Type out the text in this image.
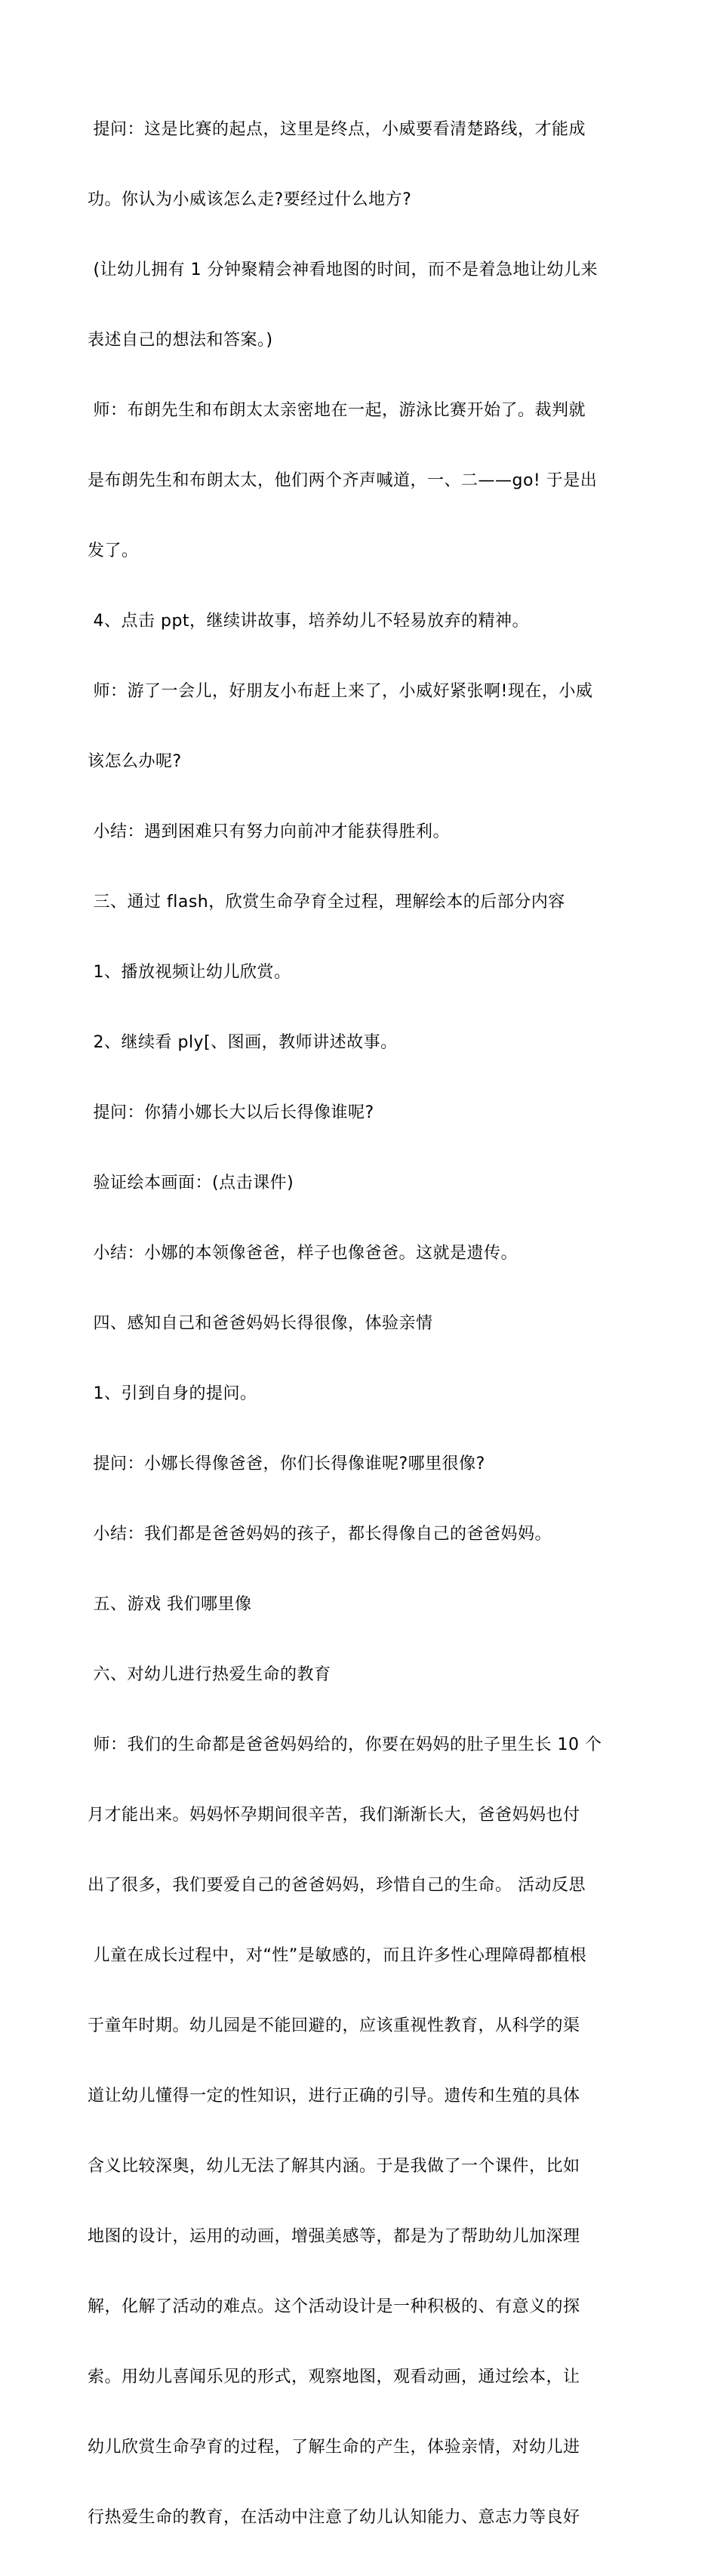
提问：这是比赛的起点，这里是终点，小威要看清楚路线，才能成

功。你认为小威该怎么走?要经过什么地方?

(让幼儿拥有 1 分钟聚精会神看地图的时间，而不是着急地让幼儿来

表述自己的想法和答案。)

师：布朗先生和布朗太太亲密地在一起，游泳比赛开始了。裁判就

是布朗先生和布朗太太，他们两个齐声喊道，一、二——go! 于是出

发了。

4、点击 ppt，继续讲故事，培养幼儿不轻易放弃的精神。

师：游了一会儿，好朋友小布赶上来了，小威好紧张啊!现在，小威

该怎么办呢?

小结：遇到困难只有努力向前冲才能获得胜利。

三、通过 flash，欣赏生命孕育全过程，理解绘本的后部分内容

1、播放视频让幼儿欣赏。

2、继续看 ply[、图画，教师讲述故事。

提问：你猜小娜长大以后长得像谁呢?

验证绘本画面：(点击课件)

小结：小娜的本领像爸爸，样子也像爸爸。这就是遗传。

四、感知自己和爸爸妈妈长得很像，体验亲情

1、引到自身的提问。

提问：小娜长得像爸爸，你们长得像谁呢?哪里很像?

小结：我们都是爸爸妈妈的孩子，都长得像自己的爸爸妈妈。

五、游戏 我们哪里像

六、对幼儿进行热爱生命的教育

师：我们的生命都是爸爸妈妈给的，你要在妈妈的肚子里生长 10 个

月才能出来。妈妈怀孕期间很辛苦，我们渐渐长大，爸爸妈妈也付

出了很多，我们要爱自己的爸爸妈妈，珍惜自己的生命。 活动反思

儿童在成长过程中，对“性”是敏感的，而且许多性心理障碍都植根

于童年时期。幼儿园是不能回避的，应该重视性教育，从科学的渠

道让幼儿懂得一定的性知识，进行正确的引导。遗传和生殖的具体

含义比较深奥，幼儿无法了解其内涵。于是我做了一个课件，比如

地图的设计，运用的动画，增强美感等，都是为了帮助幼儿加深理

解，化解了活动的难点。这个活动设计是一种积极的、有意义的探

索。用幼儿喜闻乐见的形式，观察地图，观看动画，通过绘本，让

幼儿欣赏生命孕育的过程，了解生命的产生，体验亲情，对幼儿进

行热爱生命的教育，在活动中注意了幼儿认知能力、意志力等良好
